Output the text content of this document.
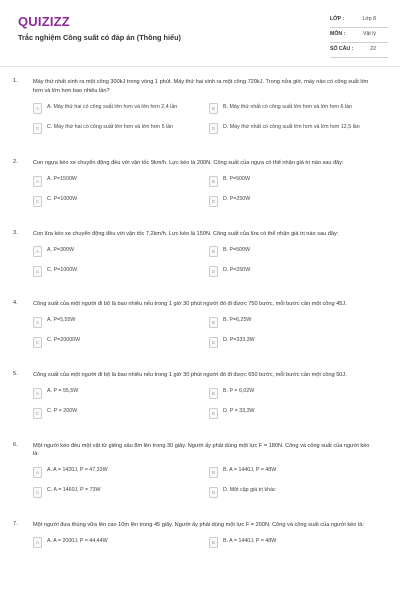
QUIZIZZ
Trắc nghiệm Công suất có đáp án (Thông hiểu)
LỚP :	Lớp 8
MÔN :	Vật lý
SỐ CÂU :	22
1.	Máy thứ nhất sinh ra một công 300kJ trong vòng 1 phút. Máy thứ hai sinh ra một công 720kJ. Trong nửa giờ, máy nào có công suất lớn hơn và lớn hơn bao nhiêu lần?
A	A. Máy thứ hai có công suất lớn hơn và lớn hơn 2,4 lần	B	B. Máy thứ nhất có công suất lớn hơn và lớn hơn 6 lần
C	C. Máy thứ hai có công suất lớn hơn và lớn hơn 5 lần	D	D. Máy thứ nhất có công suất lớn hơn và lớn hơn 12,5 lần
2.	Con ngựa kéo xe chuyển động đều với vận tốc 9km/h. Lực kéo là 200N. Công suất của ngựa có thể nhận giá trị nào sau đây:
A	A. P=1500W	B	B. P=500W
C	C. P=1000W	D	D. P=250W
3.	Con lừa kéo xe chuyển động đều với vận tốc 7,2km/h. Lực kéo là 150N. Công suất của lừa có thể nhận giá trị nào sau đây:
A	A. P=300W	B	B. P=500W
C	C. P=1000W	D	D. P=250W
4.	Công suất của một người đi bộ là bao nhiêu nếu trong 1 giờ 30 phút người đó đi được 750 bước, mỗi bước cần một công 45J.
A	A. P=5,55W	B	B. P=6,25W
C	C. P=20000W	D	D. P=333,3W
5.	Công suất của một người đi bộ là bao nhiêu nếu trong 1 giờ 30 phút người đó đi được 650 bước, mỗi bước cần một công 50J.
A	A. P = 55,5W	B	B. P = 6,02W
C	C. P = 200W	D	D. P = 33,3W
6.	Một người kéo đều một vật từ giếng sâu 8m lên trong 30 giây. Người ấy phải dùng một lực F = 180N. Công và công suất của người kéo là:
A	A. A = 1420J, P = 47,33W	B	B. A = 1440J, P = 48W
C	C. A = 1460J, P = 73W	D	D. Một cặp giá trị khác
7.	Một người đưa thùng vữa lên cao 10m lên trong 45 giây. Người ấy phải dùng một lực F = 200N. Công và công suất của người kéo là:
A	A. A = 2000J, P = 44,44W	B	B. A = 1440J, P = 48W
